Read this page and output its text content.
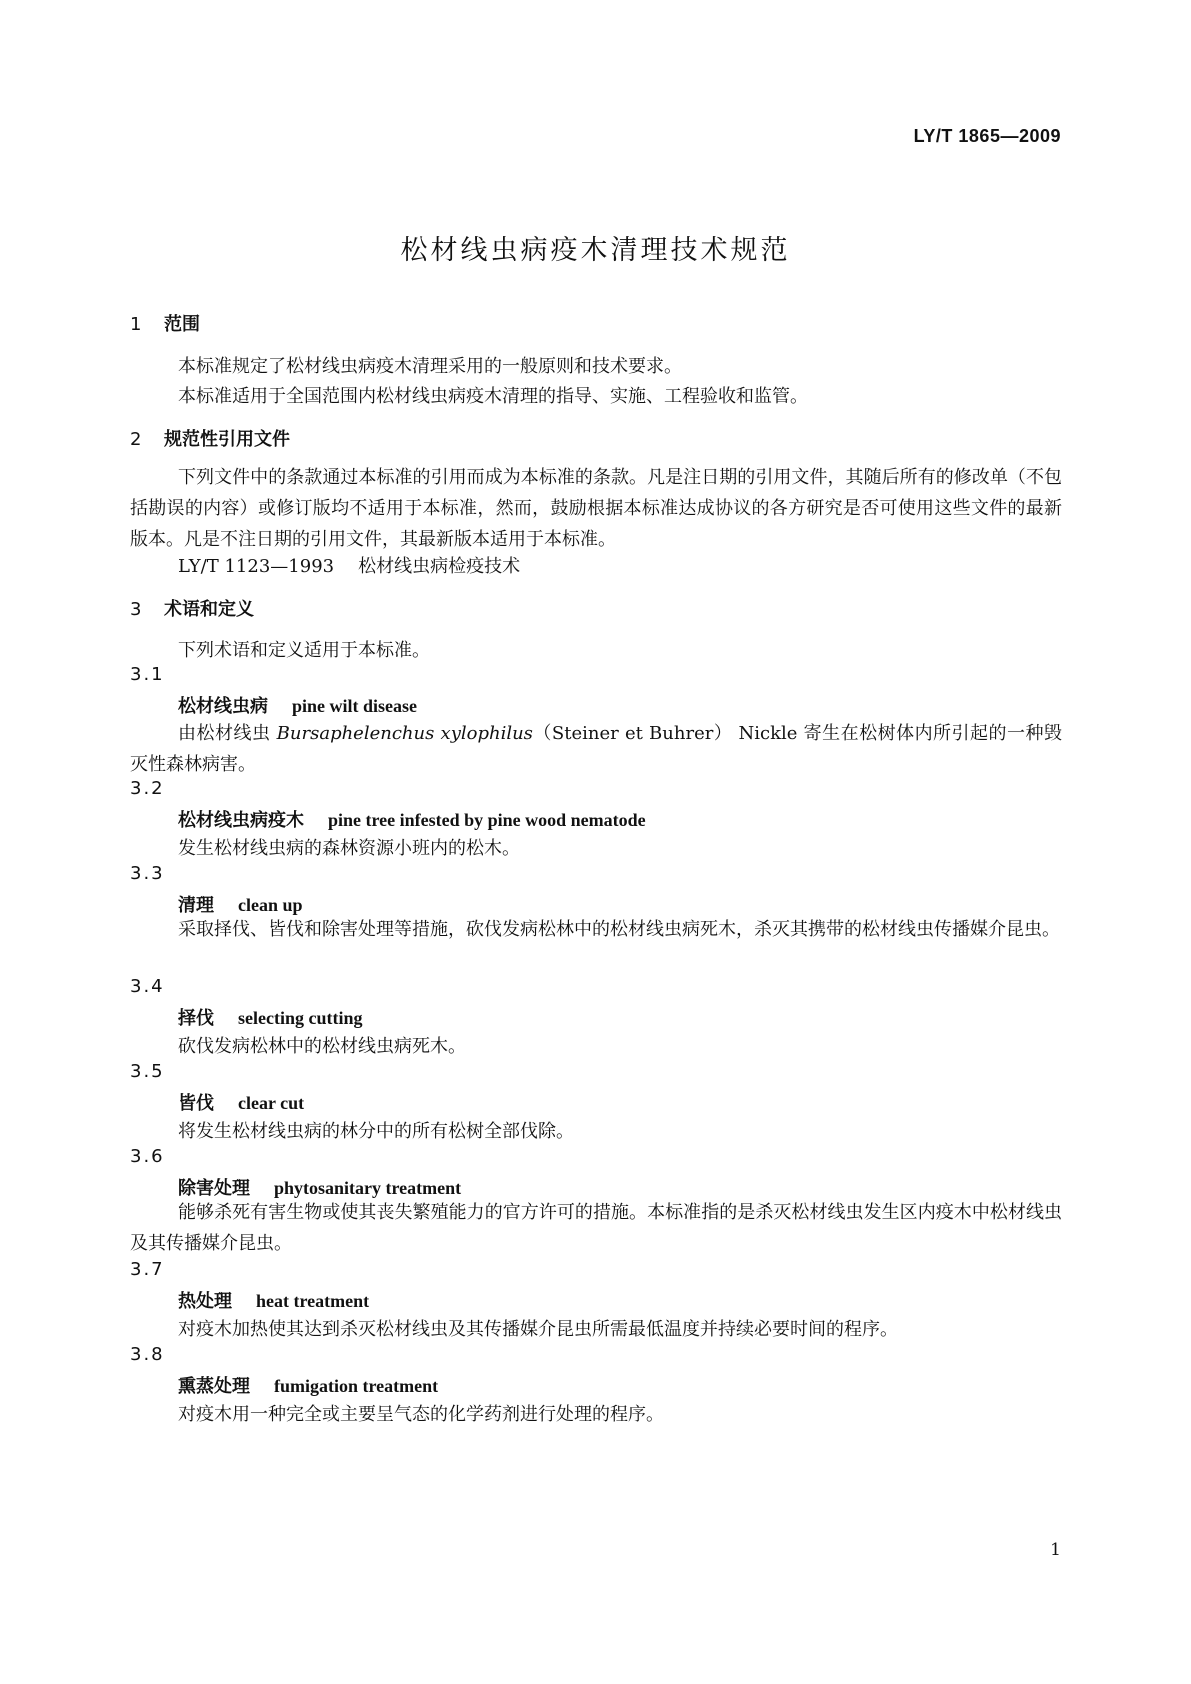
LY/T 1865—2009
松材线虫病疫木清理技术规范
1 范围
本标准规定了松材线虫病疫木清理采用的一般原则和技术要求。
本标准适用于全国范围内松材线虫病疫木清理的指导、实施、工程验收和监管。
2 规范性引用文件
下列文件中的条款通过本标准的引用而成为本标准的条款。凡是注日期的引用文件，其随后所有的修改单（不包括勘误的内容）或修订版均不适用于本标准，然而，鼓励根据本标准达成协议的各方研究是否可使用这些文件的最新版本。凡是不注日期的引用文件，其最新版本适用于本标准。
LY/T 1123—1993 松材线虫病检疫技术
3 术语和定义
下列术语和定义适用于本标准。
3.1
松材线虫病 pine wilt disease
由松材线虫 Bursaphelenchus xylophilus（Steiner et Buhrer） Nickle 寄生在松树体内所引起的一种毁灭性森林病害。
3.2
松材线虫病疫木 pine tree infested by pine wood nematode
发生松材线虫病的森林资源小班内的松木。
3.3
清理 clean up
采取择伐、皆伐和除害处理等措施，砍伐发病松林中的松材线虫病死木，杀灭其携带的松材线虫传播媒介昆虫。
3.4
择伐 selecting cutting
砍伐发病松林中的松材线虫病死木。
3.5
皆伐 clear cut
将发生松材线虫病的林分中的所有松树全部伐除。
3.6
除害处理 phytosanitary treatment
能够杀死有害生物或使其丧失繁殖能力的官方许可的措施。本标准指的是杀灭松材线虫发生区内疫木中松材线虫及其传播媒介昆虫。
3.7
热处理 heat treatment
对疫木加热使其达到杀灭松材线虫及其传播媒介昆虫所需最低温度并持续必要时间的程序。
3.8
熏蒸处理 fumigation treatment
对疫木用一种完全或主要呈气态的化学药剂进行处理的程序。
1
